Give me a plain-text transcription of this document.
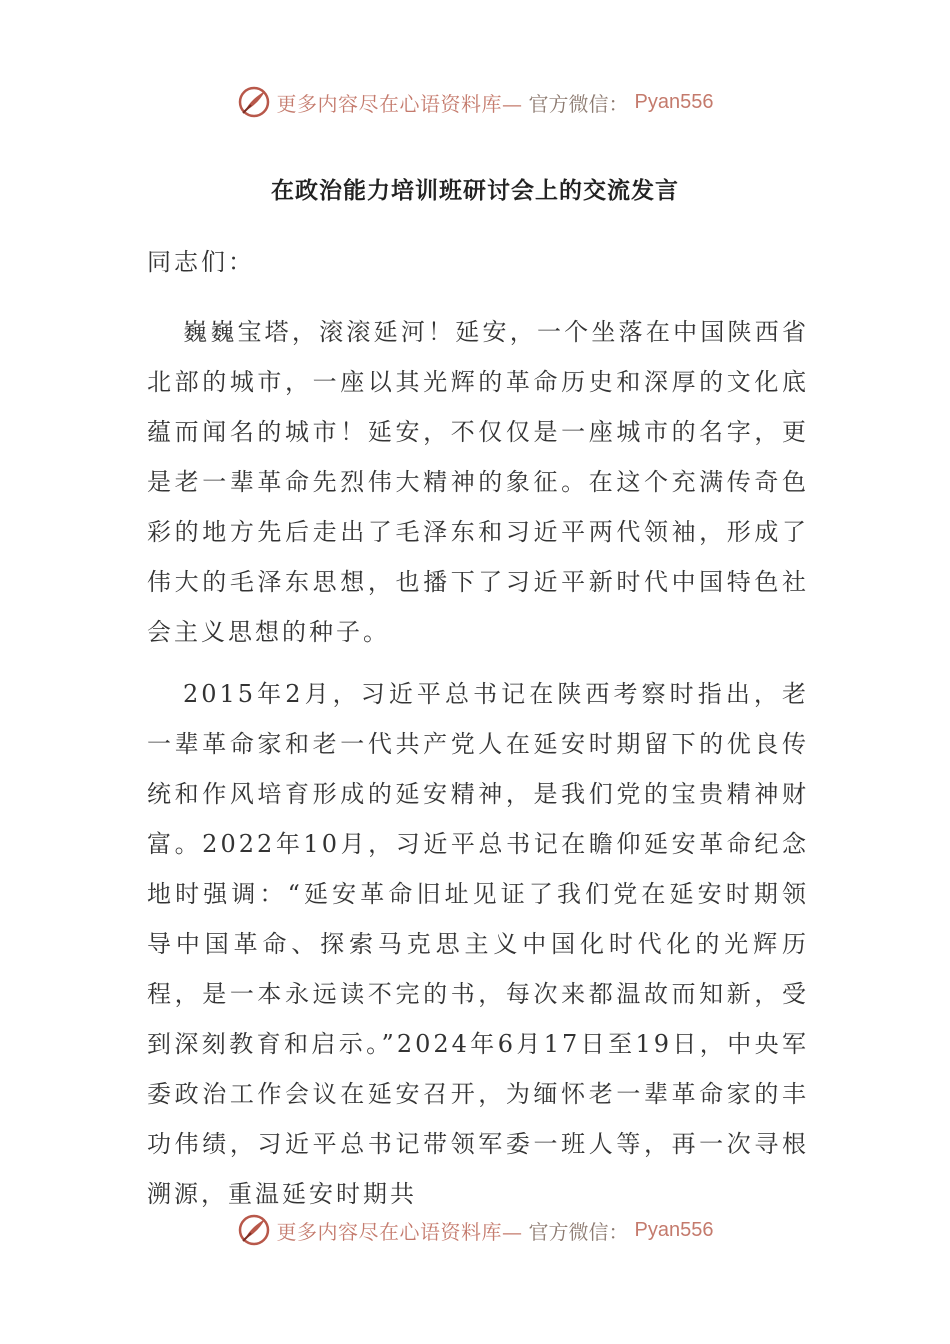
更多内容尽在心语资料库— 官方微信： Pyan556
在政治能力培训班研讨会上的交流发言

同志们：

巍巍宝塔，滚滚延河！延安，一个坐落在中国陕西省北部的城市，一座以其光辉的革命历史和深厚的文化底蕴而闻名的城市！延安，不仅仅是一座城市的名字，更是老一辈革命先烈伟大精神的象征。在这个充满传奇色彩的地方先后走出了毛泽东和习近平两代领袖，形成了伟大的毛泽东思想，也播下了习近平新时代中国特色社会主义思想的种子。

2015年2月，习近平总书记在陕西考察时指出，老一辈革命家和老一代共产党人在延安时期留下的优良传统和作风培育形成的延安精神，是我们党的宝贵精神财富。2022年10月，习近平总书记在瞻仰延安革命纪念地时强调：“延安革命旧址见证了我们党在延安时期领导中国革命、探索马克思主义中国化时代化的光辉历程，是一本永远读不完的书，每次来都温故而知新，受到深刻教育和启示。”2024年6月17日至19日，中央军委政治工作会议在延安召开，为缅怀老一辈革命家的丰功伟绩，习近平总书记带领军委一班人等，再一次寻根溯源，重温延安时期共

更多内容尽在心语资料库— 官方微信： Pyan556
